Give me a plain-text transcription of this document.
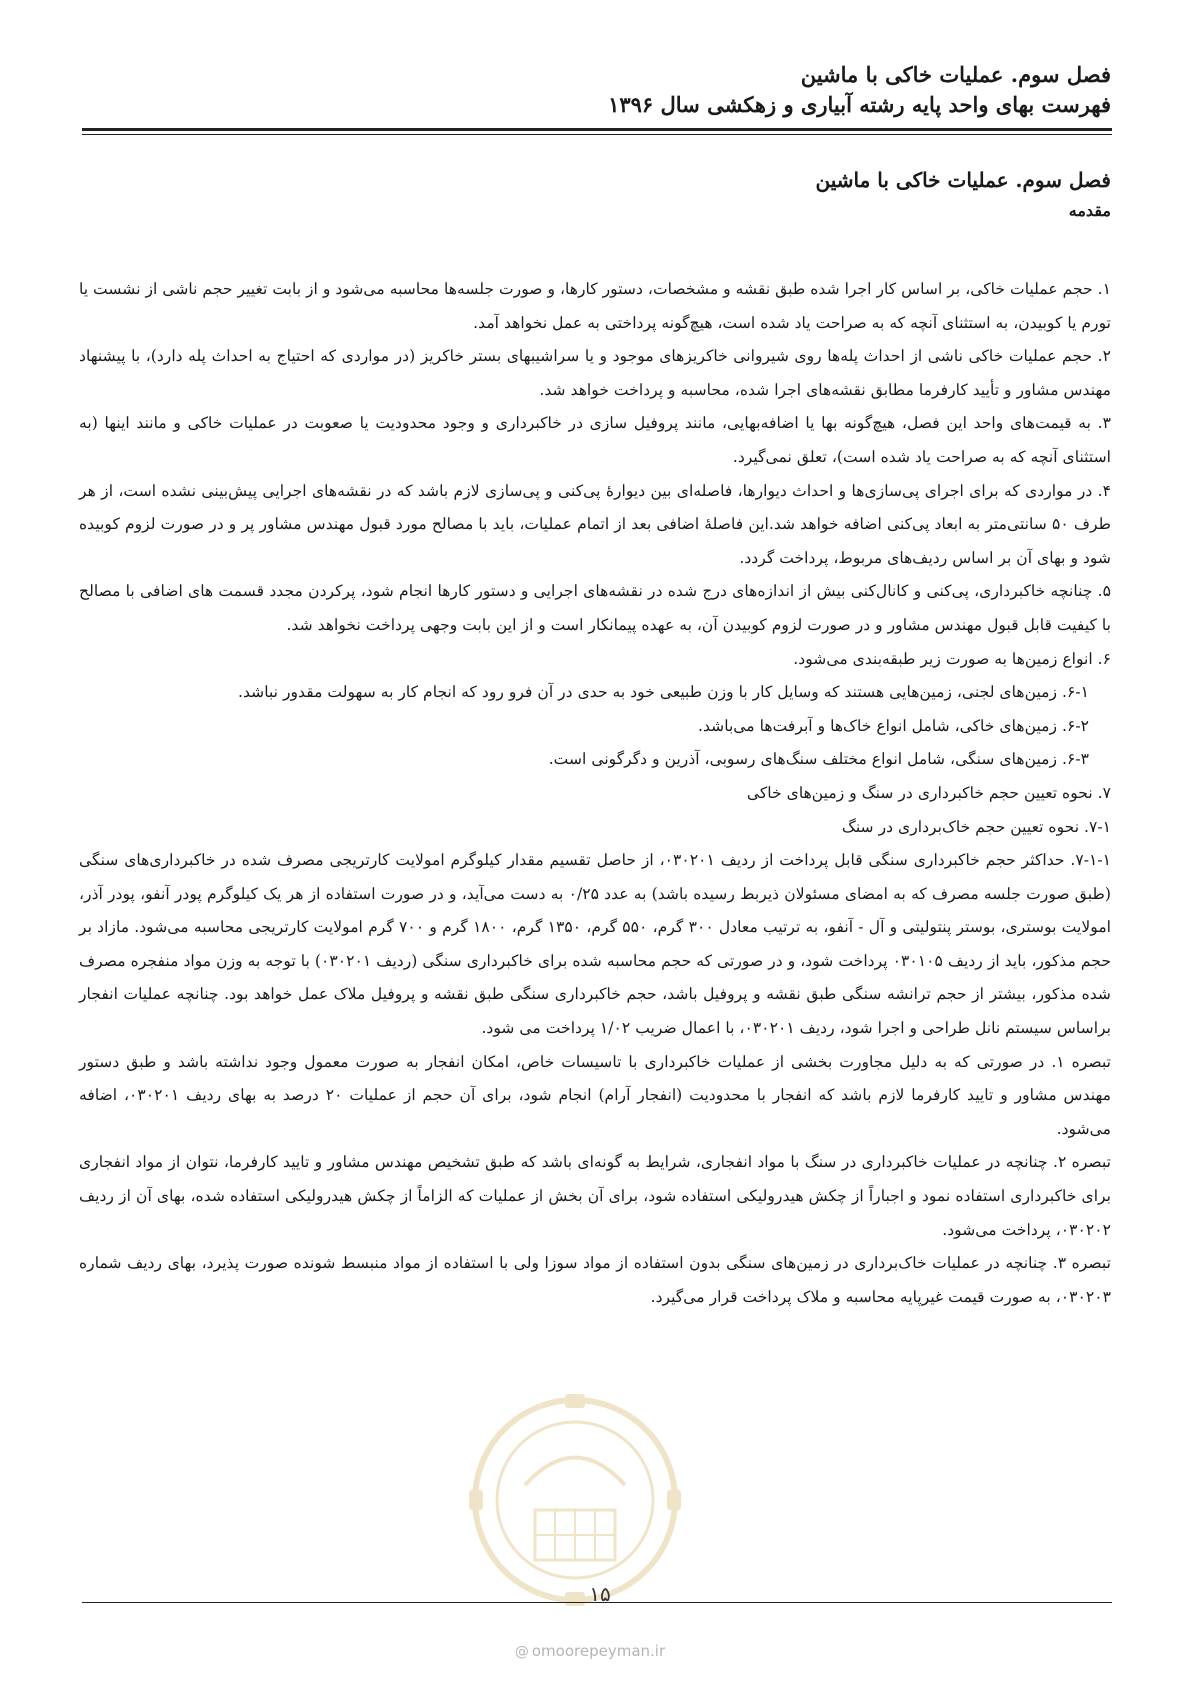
فصل سوم. عملیات خاکی با ماشین

فهرست بهای واحد پایه رشته آبیاری و زهکشی سال ۱۳۹۶

فصل سوم. عملیات خاکی با ماشین
مقدمه

۱. حجم عملیات خاکی، بر اساس کار اجرا شده طبق نقشه و مشخصات، دستور کارها، و صورت جلسه‌ها محاسبه می‌شود و از بابت تغییر حجم ناشی از نشست یا تورم یا کوبیدن، به استثنای آنچه که به صراحت یاد شده است، هیچ‌گونه پرداختی به عمل نخواهد آمد.

۲. حجم عملیات خاکی ناشی از احداث پله‌ها روی شیروانی خاکریزهای موجود و یا سراشیبهای بستر خاکریز (در مواردی که احتیاج به احداث پله دارد)، با پیشنهاد مهندس مشاور و تأیید کارفرما مطابق نقشه‌های اجرا شده، محاسبه و پرداخت خواهد شد.

۳. به قیمت‌های واحد این فصل، هیچ‌گونه بها یا اضافه‌بهایی، مانند پروفیل سازی در خاکبرداری و وجود محدودیت یا صعوبت در عملیات خاکی و مانند اینها (به استثنای آنچه که به صراحت یاد شده است)، تعلق نمی‌گیرد.

۴. در مواردی که برای اجرای پی‌سازی‌ها و احداث دیوارها، فاصله‌ای بین دیوارهٔ پی‌کنی و پی‌سازی لازم باشد که در نقشه‌های اجرایی پیش‌بینی نشده است، از هر طرف ۵۰ سانتی‌متر به ابعاد پی‌کنی اضافه خواهد شد.این فاصلهٔ اضافی بعد از اتمام عملیات، باید با مصالح مورد قبول مهندس مشاور پر و در صورت لزوم کوبیده شود و بهای آن بر اساس ردیف‌های مربوط، پرداخت گردد.

۵. چنانچه خاکبرداری، پی‌کنی و کانال‌کنی بیش از اندازه‌های درج شده در نقشه‌های اجرایی و دستور کارها انجام شود، پرکردن مجدد قسمت های اضافی با مصالح با کیفیت قابل قبول مهندس مشاور و در صورت لزوم کوبیدن آن، به عهده پیمانکار است و از این بابت وجهی پرداخت نخواهد شد.

۶. انواع زمین‌ها به صورت زیر طبقه‌بندی می‌شود.

۶-۱. زمین‌های لجنی، زمین‌هایی هستند که وسایل کار با وزن طبیعی خود به حدی در آن فرو رود که انجام کار به سهولت مقدور نباشد.

۶-۲. زمین‌های خاکی، شامل انواع خاک‌ها و آبرفت‌ها می‌باشد.

۶-۳. زمین‌های سنگی، شامل انواع مختلف سنگ‌های رسوبی، آذرین و دگرگونی است.

۷. نحوه تعیین حجم خاکبرداری در سنگ و زمین‌های خاکی

۷-۱. نحوه تعیین حجم خاک‌برداری در سنگ

۷-۱-۱. حداکثر حجم خاکبرداری سنگی قابل پرداخت از ردیف ۰۳۰۲۰۱، از حاصل تقسیم مقدار کیلوگرم امولایت کارتریجی مصرف شده در خاکبرداری‌های سنگی (طبق صورت جلسه مصرف که به امضای مسئولان ذیربط رسیده باشد) به عدد ۰/۲۵ به دست می‌آید، و در صورت استفاده از هر یک کیلوگرم پودر آنفو، پودر آذر، امولایت بوستری، بوستر پنتولیتی و آل - آنفو، به ترتیب معادل ۳۰۰ گرم، ۵۵۰ گرم، ۱۳۵۰ گرم، ۱۸۰۰ گرم و ۷۰۰ گرم امولایت کارتریجی محاسبه می‌شود. مازاد بر حجم مذکور، باید از ردیف ۰۳۰۱۰۵ پرداخت شود، و در صورتی که حجم محاسبه شده برای خاکبرداری سنگی (ردیف ۰۳۰۲۰۱) با توجه به وزن مواد منفجره مصرف شده مذکور، بیشتر از حجم ترانشه سنگی طبق نقشه و پروفیل باشد، حجم خاکبرداری سنگی طبق نقشه و پروفیل ملاک عمل خواهد بود. چنانچه عملیات انفجار براساس سیستم نانل طراحی و اجرا شود، ردیف ۰۳۰۲۰۱، با اعمال ضریب ۱/۰۲ پرداخت می شود.

تبصره ۱. در صورتی که به دلیل مجاورت بخشی از عملیات خاکبرداری با تاسیسات خاص، امکان انفجار به صورت معمول وجود نداشته باشد و طبق دستور مهندس مشاور و تایید کارفرما لازم باشد که انفجار با محدودیت (انفجار آرام) انجام شود، برای آن حجم از عملیات ۲۰ درصد به بهای ردیف ۰۳۰۲۰۱، اضافه می‌شود.

تبصره ۲. چنانچه در عملیات خاکبرداری در سنگ با مواد انفجاری، شرایط به گونه‌ای باشد که طبق تشخیص مهندس مشاور و تایید کارفرما، نتوان از مواد انفجاری برای خاکبرداری استفاده نمود و اجباراً از چکش هیدرولیکی استفاده شود، برای آن بخش از عملیات که الزاماً از چکش هیدرولیکی استفاده شده، بهای آن از ردیف ۰۳۰۲۰۲، پرداخت می‌شود.

تبصره ۳. چنانچه در عملیات خاک‌برداری در زمین‌های سنگی بدون استفاده از مواد سوزا ولی با استفاده از مواد منبسط شونده صورت پذیرد، بهای ردیف شماره ۰۳۰۲۰۳، به صورت قیمت غیرپایه محاسبه و ملاک پرداخت قرار می‌گیرد.

۱۵
@ omoorepeyman.ir
